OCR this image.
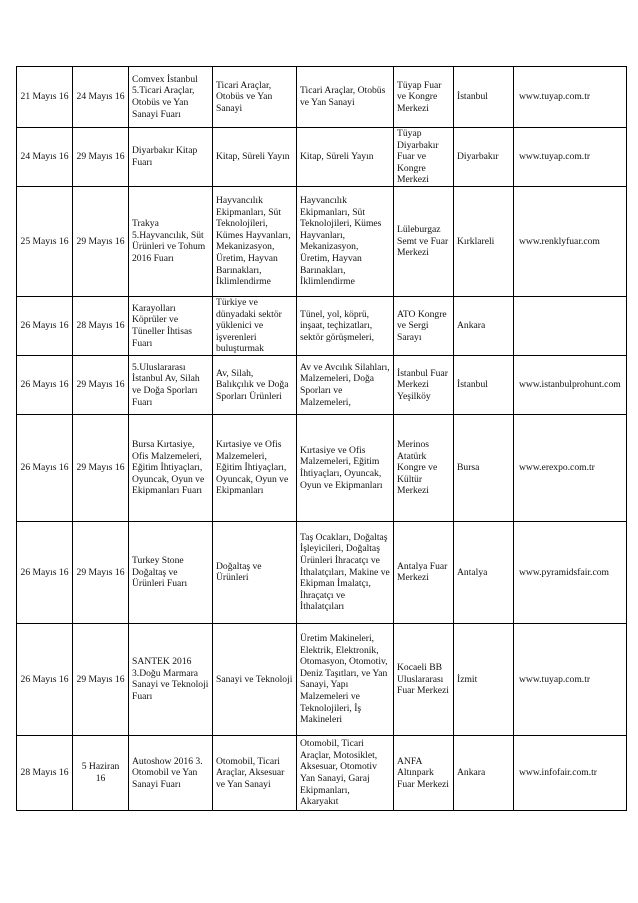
21 Mayıs 16	24 Mayıs 16	Comvex İstanbul 5.Ticari Araçlar, Otobüs ve Yan Sanayi Fuarı	Ticari Araçlar, Otobüs ve Yan Sanayi	Ticari Araçlar, Otobüs ve Yan Sanayi	Tüyap Fuar ve Kongre Merkezi	İstanbul	www.tuyap.com.tr
24 Mayıs 16	29 Mayıs 16	Diyarbakır Kitap Fuarı	Kitap, Süreli Yayın	Kitap, Süreli Yayın	Tüyap Diyarbakır Fuar ve Kongre Merkezi	Diyarbakır	www.tuyap.com.tr
25 Mayıs 16	29 Mayıs 16	Trakya 5.Hayvancılık, Süt Ürünleri ve Tohum 2016 Fuarı	Hayvancılık Ekipmanları, Süt Teknolojileri, Kümes Hayvanları, Mekanizasyon, Üretim, Hayvan Barınakları, İklimlendirme	Hayvancılık Ekipmanları, Süt Teknolojileri, Kümes Hayvanları, Mekanizasyon, Üretim, Hayvan Barınakları, İklimlendirme	Lüleburgaz Semt ve Fuar Merkezi	Kırklareli	www.renklyfuar.com
26 Mayıs 16	28 Mayıs 16	Karayolları Köprüler ve Tüneller İhtisas Fuarı	Türkiye ve dünyadaki sektör yüklenici ve işverenleri buluşturmak	Tünel, yol, köprü, inşaat, teçhizatları, sektör görüşmeleri,	ATO Kongre ve Sergi Sarayı	Ankara	
26 Mayıs 16	29 Mayıs 16	5.Uluslararası İstanbul Av, Silah ve Doğa Sporları Fuarı	Av, Silah, Balıkçılık ve Doğa Sporları Ürünleri	Av ve Avcılık Silahları, Malzemeleri, Doğa Sporları ve Malzemeleri,	İstanbul Fuar Merkezi Yeşilköy	İstanbul	www.istanbulprohunt.com
26 Mayıs 16	29 Mayıs 16	Bursa Kırtasiye, Ofis Malzemeleri, Eğitim İhtiyaçları, Oyuncak, Oyun ve Ekipmanları Fuarı	Kırtasiye ve Ofis Malzemeleri, Eğitim İhtiyaçları, Oyuncak, Oyun ve Ekipmanları	Kırtasiye ve Ofis Malzemeleri, Eğitim İhtiyaçları, Oyuncak, Oyun ve Ekipmanları	Merinos Atatürk Kongre ve Kültür Merkezi	Bursa	www.erexpo.com.tr
26 Mayıs 16	29 Mayıs 16	Turkey Stone Doğaltaş ve Ürünleri Fuarı	Doğaltaş ve Ürünleri	Taş Ocakları, Doğaltaş İşleyicileri, Doğaltaş Ürünleri İhracatçı ve İthalatçıları, Makine ve Ekipman İmalatçı, İhraçatçı ve İthalatçıları	Antalya Fuar Merkezi	Antalya	www.pyramidsfair.com
26 Mayıs 16	29 Mayıs 16	SANTEK 2016 3.Doğu Marmara Sanayi ve Teknoloji Fuarı	Sanayi ve Teknoloji	Üretim Makineleri, Elektrik, Elektronik, Otomasyon, Otomotiv, Deniz Taşıtları, ve Yan Sanayi, Yapı Malzemeleri ve Teknolojileri, İş Makineleri	Kocaeli BB Uluslararası Fuar Merkezi	İzmit	www.tuyap.com.tr
28 Mayıs 16	5 Haziran 16	Autoshow 2016 3. Otomobil ve Yan Sanayi Fuarı	Otomobil, Ticari Araçlar, Aksesuar ve Yan Sanayi	Otomobil, Ticari Araçlar, Motosiklet, Aksesuar, Otomotiv Yan Sanayi, Garaj Ekipmanları, Akaryakıt	ANFA Altınpark Fuar Merkezi	Ankara	www.infofair.com.tr
